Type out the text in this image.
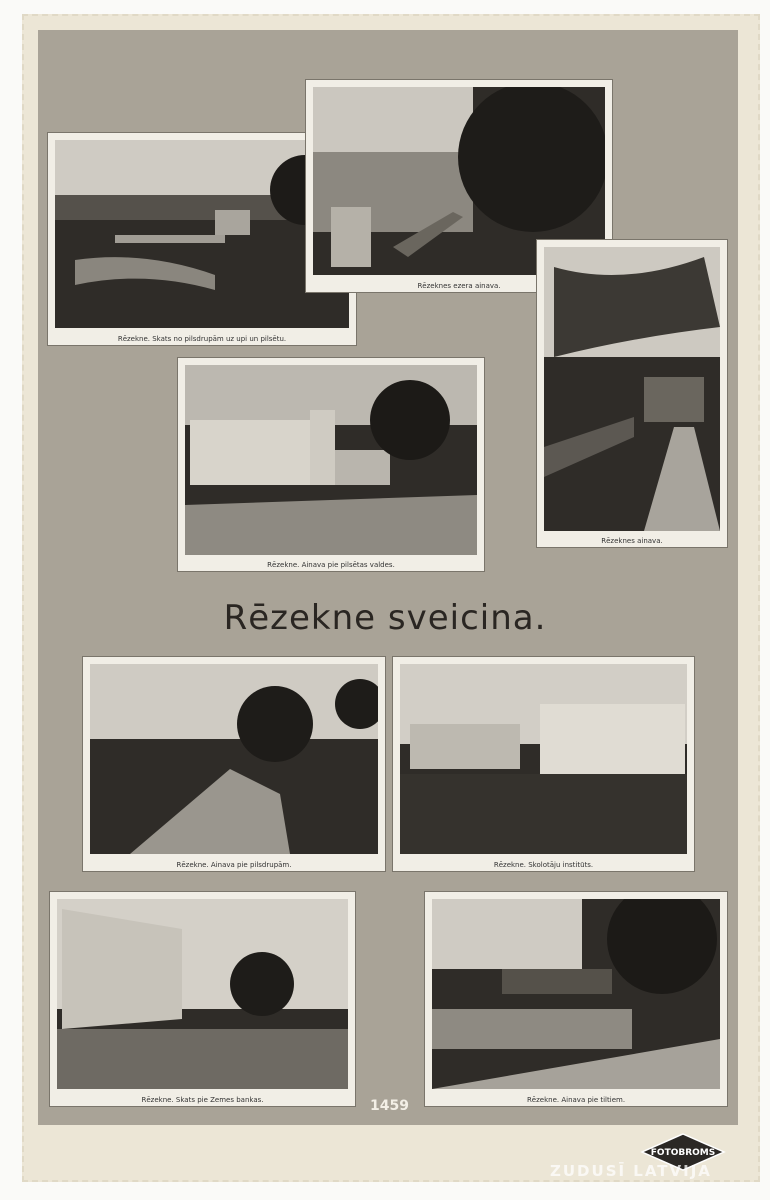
Rēzekne. Skats no pilsdrupām uz upi un pilsētu.
Rēzeknes ezera ainava.
Rēzeknes ainava.
Rēzekne. Ainava pie pilsētas valdes.
Rēzekne sveicina.
Rēzekne. Ainava pie pilsdrupām.	Rēzekne. Skolotāju institūts.
Rēzekne. Skats pie Zemes bankas.	Rēzekne. Ainava pie tiltiem.
1459
FOTOBROMS
ZUDUSĪ LATVIJA
